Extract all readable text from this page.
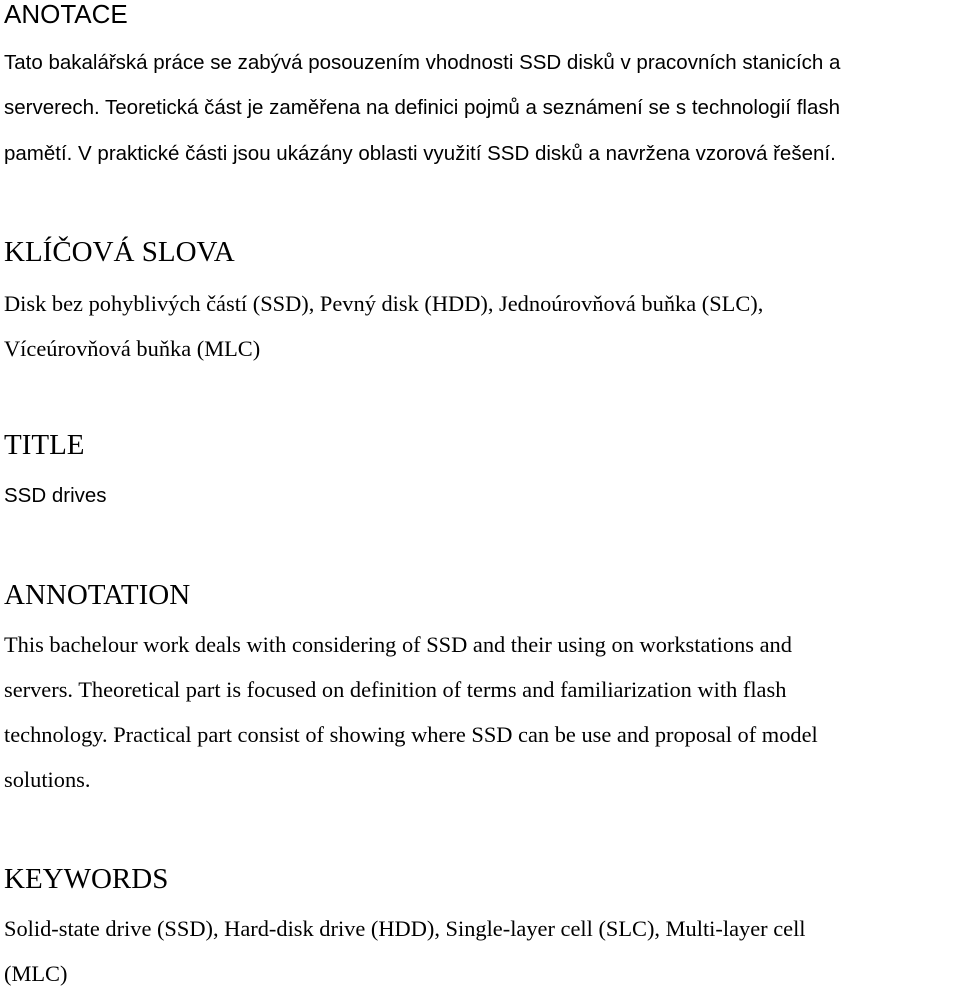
ANOTACE
Tato bakalářská práce se zabývá posouzením vhodnosti SSD disků v pracovních stanicích a
serverech. Teoretická část je zaměřena na definici pojmů a seznámení se s technologií flash
pamětí. V praktické části jsou ukázány oblasti využití SSD disků a navržena vzorová řešení.
KLÍČOVÁ SLOVA
Disk bez pohyblivých částí (SSD), Pevný disk (HDD), Jednoúrovňová buňka (SLC),
Víceúrovňová buňka (MLC)
TITLE
SSD drives
ANNOTATION
This bachelour work deals with considering of SSD and their using on workstations and
servers. Theoretical part is focused on definition of terms and familiarization with flash
technology. Practical part consist of showing where SSD can be use and proposal of model
solutions.
KEYWORDS
Solid-state drive (SSD), Hard-disk drive (HDD), Single-layer cell (SLC), Multi-layer cell
(MLC)
